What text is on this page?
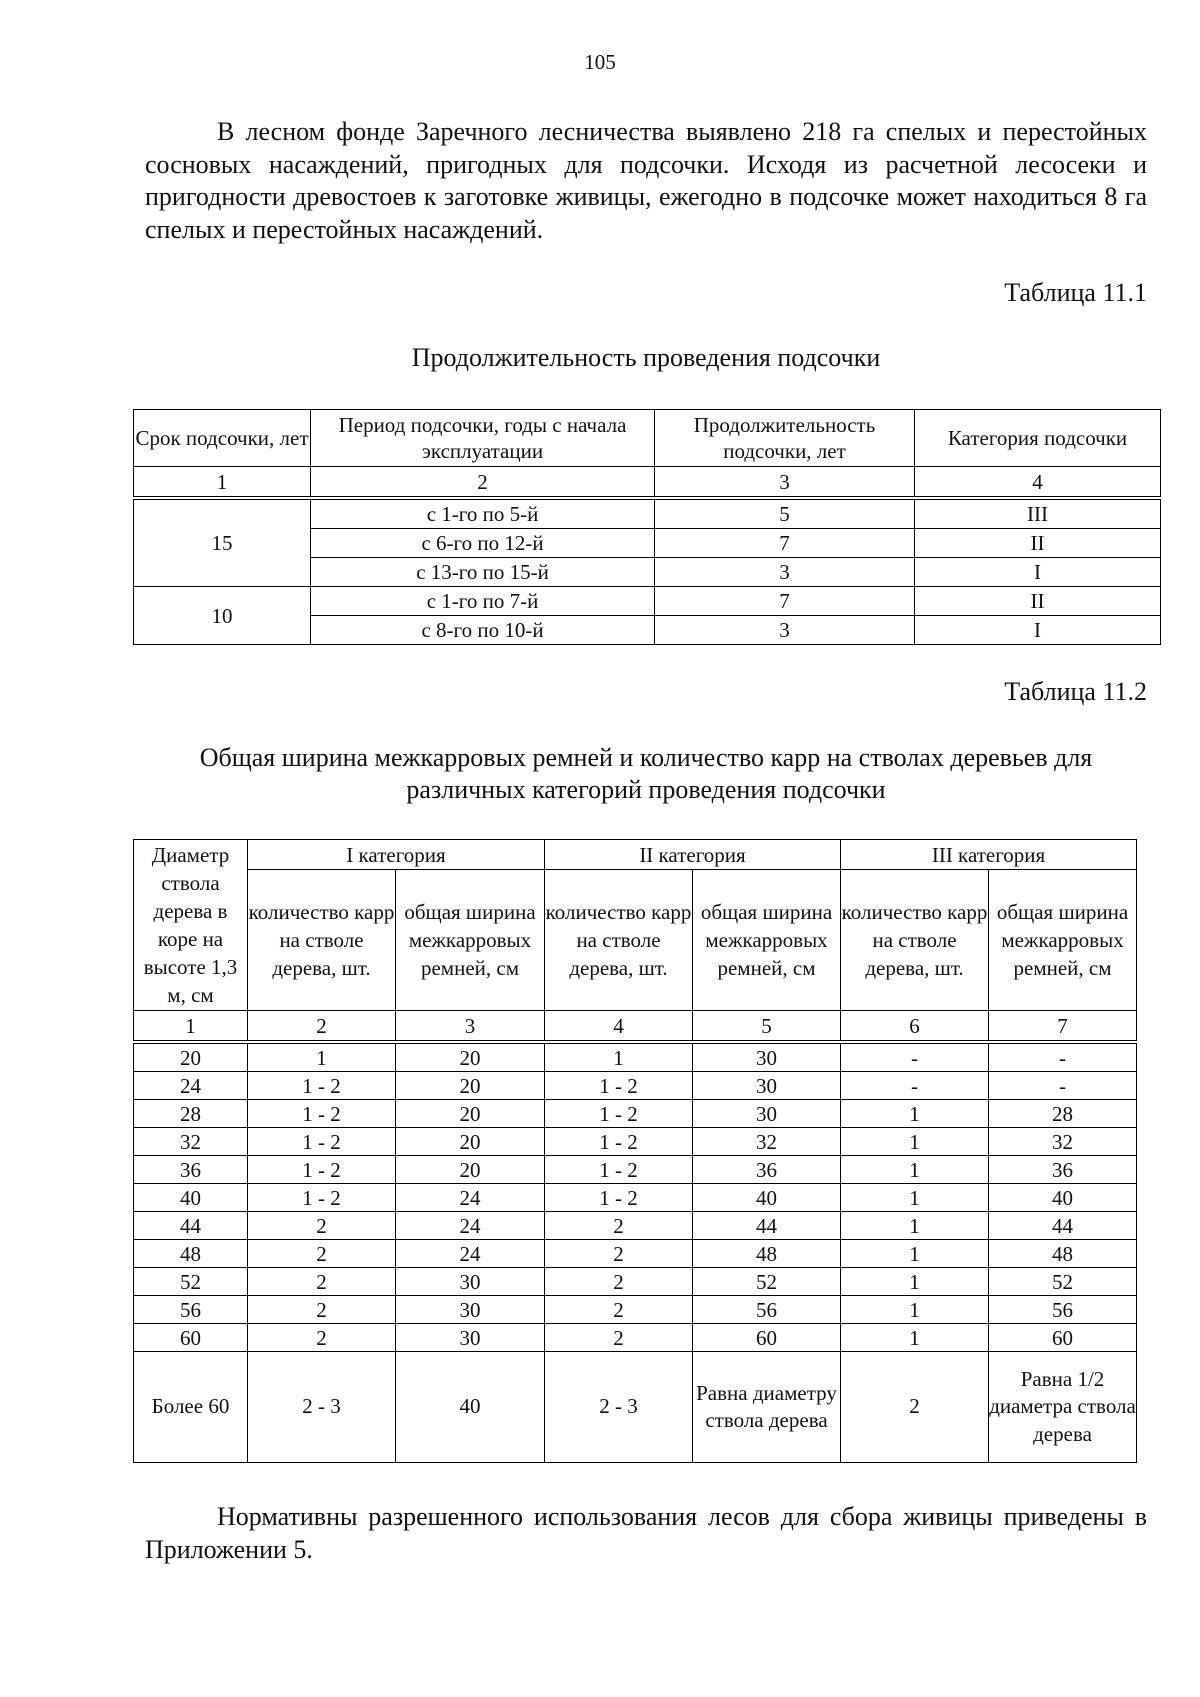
105

В лесном фонде Заречного лесничества выявлено 218 га спелых и перестойных сосновых насаждений, пригодных для подсочки. Исходя из расчетной лесосеки и пригодности древостоев к заготовке живицы, ежегодно в подсочке может находиться 8 га спелых и перестойных насаждений.

Таблица 11.1

Продолжительность проведения подсочки

Срок подсочки, лет	Период подсочки, годы с начала эксплуатации	Продолжительность подсочки, лет	Категория подсочки
1	2	3	4
15	с 1-го по 5-й	5	III
	с 6-го по 12-й	7	II
	с 13-го по 15-й	3	I
10	с 1-го по 7-й	7	II
	с 8-го по 10-й	3	I
Таблица 11.2

Общая ширина межкарровых ремней и количество карр на стволах деревьев для различных категорий проведения подсочки

Диаметр ствола дерева в коре на высоте 1,3 м, см	I категория		II категория		III категория	
	количество карр на стволе дерева, шт.	общая ширина межкарровых ремней, см	количество карр на стволе дерева, шт.	общая ширина межкарровых ремней, см	количество карр на стволе дерева, шт.	общая ширина межкарровых ремней, см
1	2	3	4	5	6	7
20	1	20	1	30	-	-
24	1 - 2	20	1 - 2	30	-	-
28	1 - 2	20	1 - 2	30	1	28
32	1 - 2	20	1 - 2	32	1	32
36	1 - 2	20	1 - 2	36	1	36
40	1 - 2	24	1 - 2	40	1	40
44	2	24	2	44	1	44
48	2	24	2	48	1	48
52	2	30	2	52	1	52
56	2	30	2	56	1	56
60	2	30	2	60	1	60
Более 60	2 - 3	40	2 - 3	Равна диаметру ствола дерева	2	Равна 1/2 диаметра ствола дерева

Нормативны разрешенного использования лесов для сбора живицы приведены в Приложении 5.
